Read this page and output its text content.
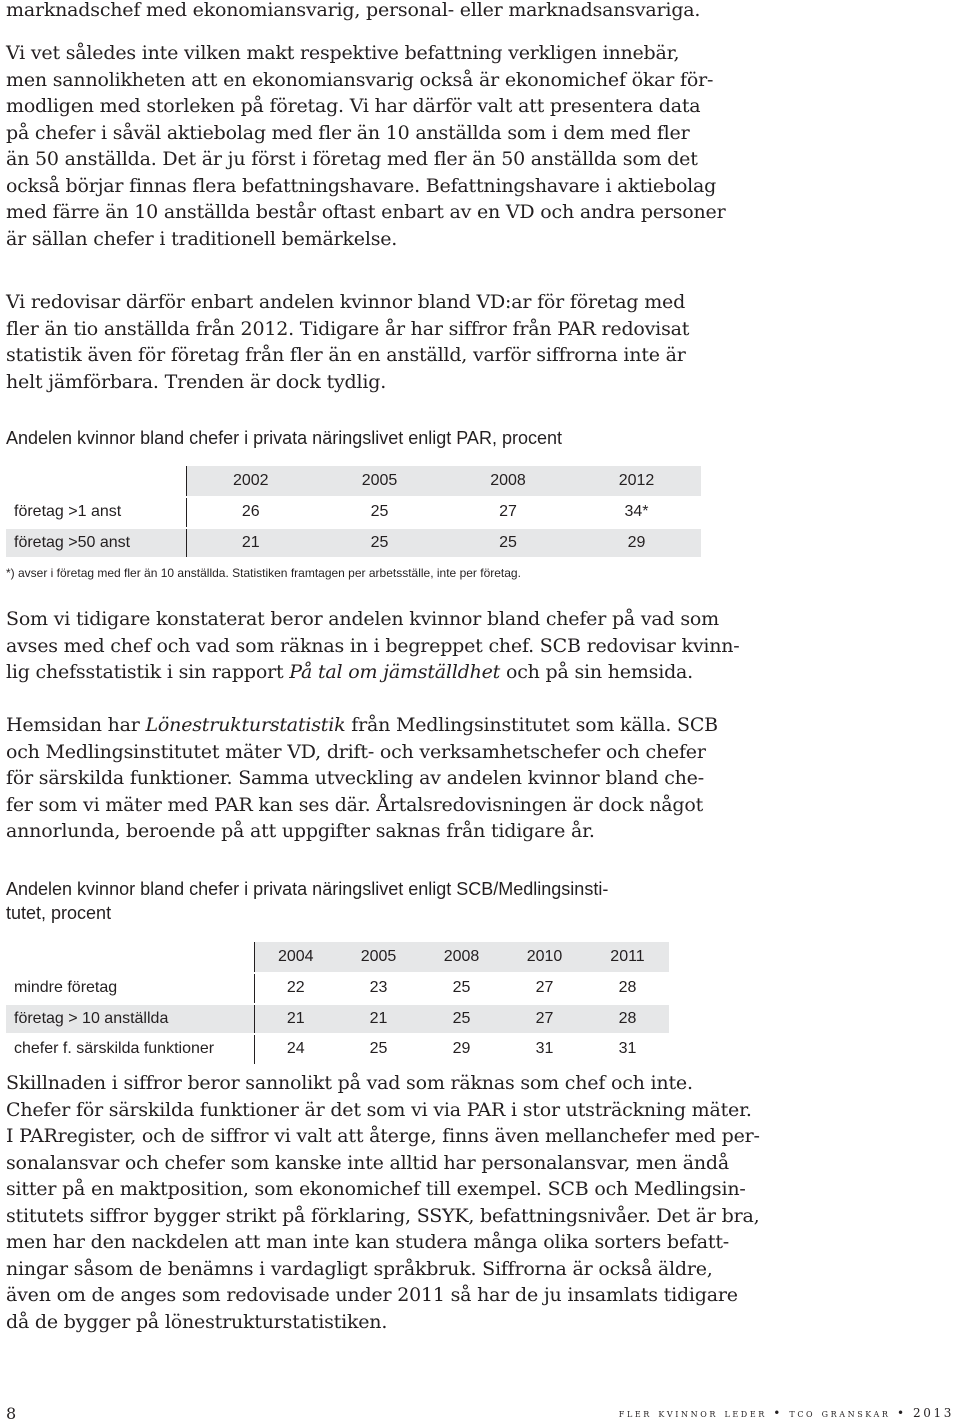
marknadschef med ekonomiansvarig, personal- eller marknadsansvariga.
Vi vet således inte vilken makt respektive befattning verkligen innebär,
men sannolikheten att en ekonomiansvarig också är ekonomichef ökar för-
modligen med storleken på företag. Vi har därför valt att presentera data
på chefer i såväl aktiebolag med fler än 10 anställda som i dem med fler
än 50 anställda. Det är ju först i företag med fler än 50 anställda som det
också börjar finnas flera befattningshavare. Befattningshavare i aktiebolag
med färre än 10 anställda består oftast enbart av en VD och andra personer
är sällan chefer i traditionell bemärkelse.
Vi redovisar därför enbart andelen kvinnor bland VD:ar för företag med
fler än tio anställda från 2012. Tidigare år har siffror från PAR redovisat
statistik även för företag från fler än en anställd, varför siffrorna inte är
helt jämförbara. Trenden är dock tydlig.
Andelen kvinnor bland chefer i privata näringslivet enligt PAR, procent
	2002	2005	2008	2012
företag >1 anst	26	25	27	34*
företag >50 anst	21	25	25	29

*) avser i företag med fler än 10 anställda. Statistiken framtagen per arbetsställe, inte per företag.

Som vi tidigare konstaterat beror andelen kvinnor bland chefer på vad som
avses med chef och vad som räknas in i begreppet chef. SCB redovisar kvinn-
lig chefsstatistik i sin rapport På tal om jämställdhet och på sin hemsida.
Hemsidan har Lönestrukturstatistik från Medlingsinstitutet som källa. SCB
och Medlingsinstitutet mäter VD, drift- och verksamhetschefer och chefer
för särskilda funktioner. Samma utveckling av andelen kvinnor bland che-
fer som vi mäter med PAR kan ses där. Årtalsredovisningen är dock något
annorlunda, beroende på att uppgifter saknas från tidigare år.
Andelen kvinnor bland chefer i privata näringslivet enligt SCB/Medlingsinsti-
tutet, procent
	2004	2005	2008	2010	2011
mindre företag	22	23	25	27	28
företag > 10 anställda	21	21	25	27	28
chefer f. särskilda funktioner	24	25	29	31	31
Skillnaden i siffror beror sannolikt på vad som räknas som chef och inte.
Chefer för särskilda funktioner är det som vi via PAR i stor utsträckning mäter.
I PARregister, och de siffror vi valt att återge, finns även mellanchefer med per-
sonalansvar och chefer som kanske inte alltid har personalansvar, men ändå
sitter på en maktposition, som ekonomichef till exempel. SCB och Medlingsin-
stitutets siffror bygger strikt på förklaring, SSYK, befattningsnivåer. Det är bra,
men har den nackdelen att man inte kan studera många olika sorters befatt-
ningar såsom de benämns i vardagligt språkbruk. Siffrorna är också äldre,
även om de anges som redovisade under 2011 så har de ju insamlats tidigare
då de bygger på lönestrukturstatistiken.
8	fler kvinnor leder • tco granskar • 2013
